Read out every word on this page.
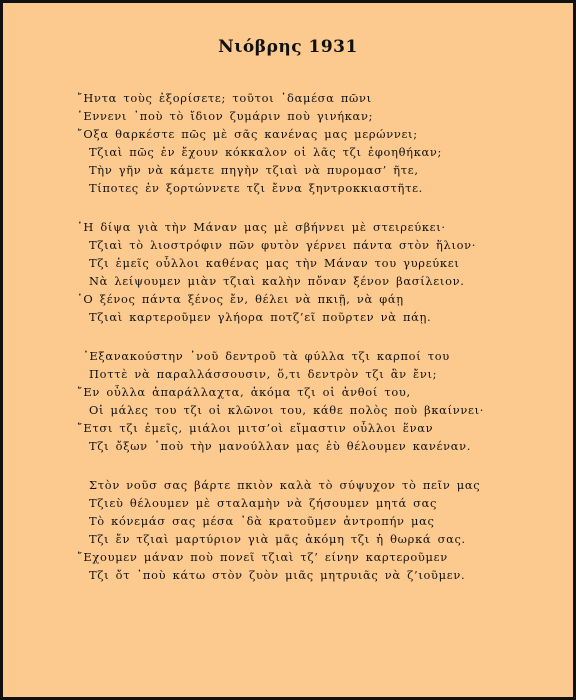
Νιόβρης 1931
῎Ηντα τοὺς ἐξορίσετε; τοῦτοι ᾽δαμέσα πῶνι
῾Εννενι ᾽ποὺ τὸ ἴδιον ζυμάριν ποὺ γινήκαν;
῎Οξα θαρκέστε πῶς μὲ σᾶς κανένας μας μερώννει;
Τζιαὶ πῶς ἐν ἔχουν κόκκαλον οἱ λᾶς τζι ἐφοηθήκαν;
Τὴν γῆν νὰ κάμετε πηγὴν τζιαὶ νὰ πυρομασ’ ῆτε,
Τίποτες ἐν ξορτώννετε τζι ἔννα ξηντροκκιαστῆτε.
῾Η δίψα γιὰ τὴν Μάναν μας μὲ σβήννει μὲ στειρεύκει·
Τζιαὶ τὸ λιοστρόφιν πῶν φυτὸν γέρνει πάντα στὸν ἥλιον·
Τζι ἐμεῖς οὖλλοι καθένας μας τὴν Μάναν του γυρεύκει
Νὰ λείψουμεν μιὰν τζιαὶ καλὴν πὄναν ξένον βασίλειον.
῾Ο ξένος πάντα ξένος ἔν, θέλει νὰ πκιῇ, νὰ φάῃ
Τζιαὶ καρτεροῦμεν γλήορα ποτζ’εῖ ποῦρτεν νὰ πάῃ.
᾽Εξανακούστην ᾽νοῦ δεντροῦ τὰ φύλλα τζι καρποί του
Ποττὲ νὰ παραλλάσσουσιν, ὅ,τι δεντρὸν τζι ἂν ἔνι;
῎Εν οὖλλα ἀπαράλλαχτα, ἀκόμα τζι οἱ ἀνθοί του,
Οἱ μάλες του τζι οἱ κλῶνοι του, κάθε πολὸς ποὺ βκαίννει·
῎Ετσι τζι ἐμεῖς, μιάλοι μιτσ’οὶ εἴμαστιν οὖλλοι ἕναν
Τζι ὄξων ᾽ποὺ τὴν μανούλλαν μας ἐὺ θέλουμεν κανέναν.
Στὸν νοῦσ σας βάρτε πκιὸν καλὰ τὸ σύψυχον τὸ πεῖν μας
Τζιεὺ θέλουμεν μὲ σταλαμὴν νὰ ζήσουμεν μητά σας
Τὸ κόνεμάσ σας μέσα ᾽δὰ κρατοῦμεν ἀντροπήν μας
Τζι ἔν τζιαὶ μαρτύριον γιὰ μᾶς ἀκόμη τζι ἡ θωρκά σας.
῎Εχουμεν μάναν ποὺ πονεῖ τζιαὶ τζ’ είνην καρτεροῦμεν
Τζι ὄτ ᾽ποὺ κάτω στὸν ζυὸν μιᾶς μητρυιᾶς νὰ ζ’ιοῦμεν.
